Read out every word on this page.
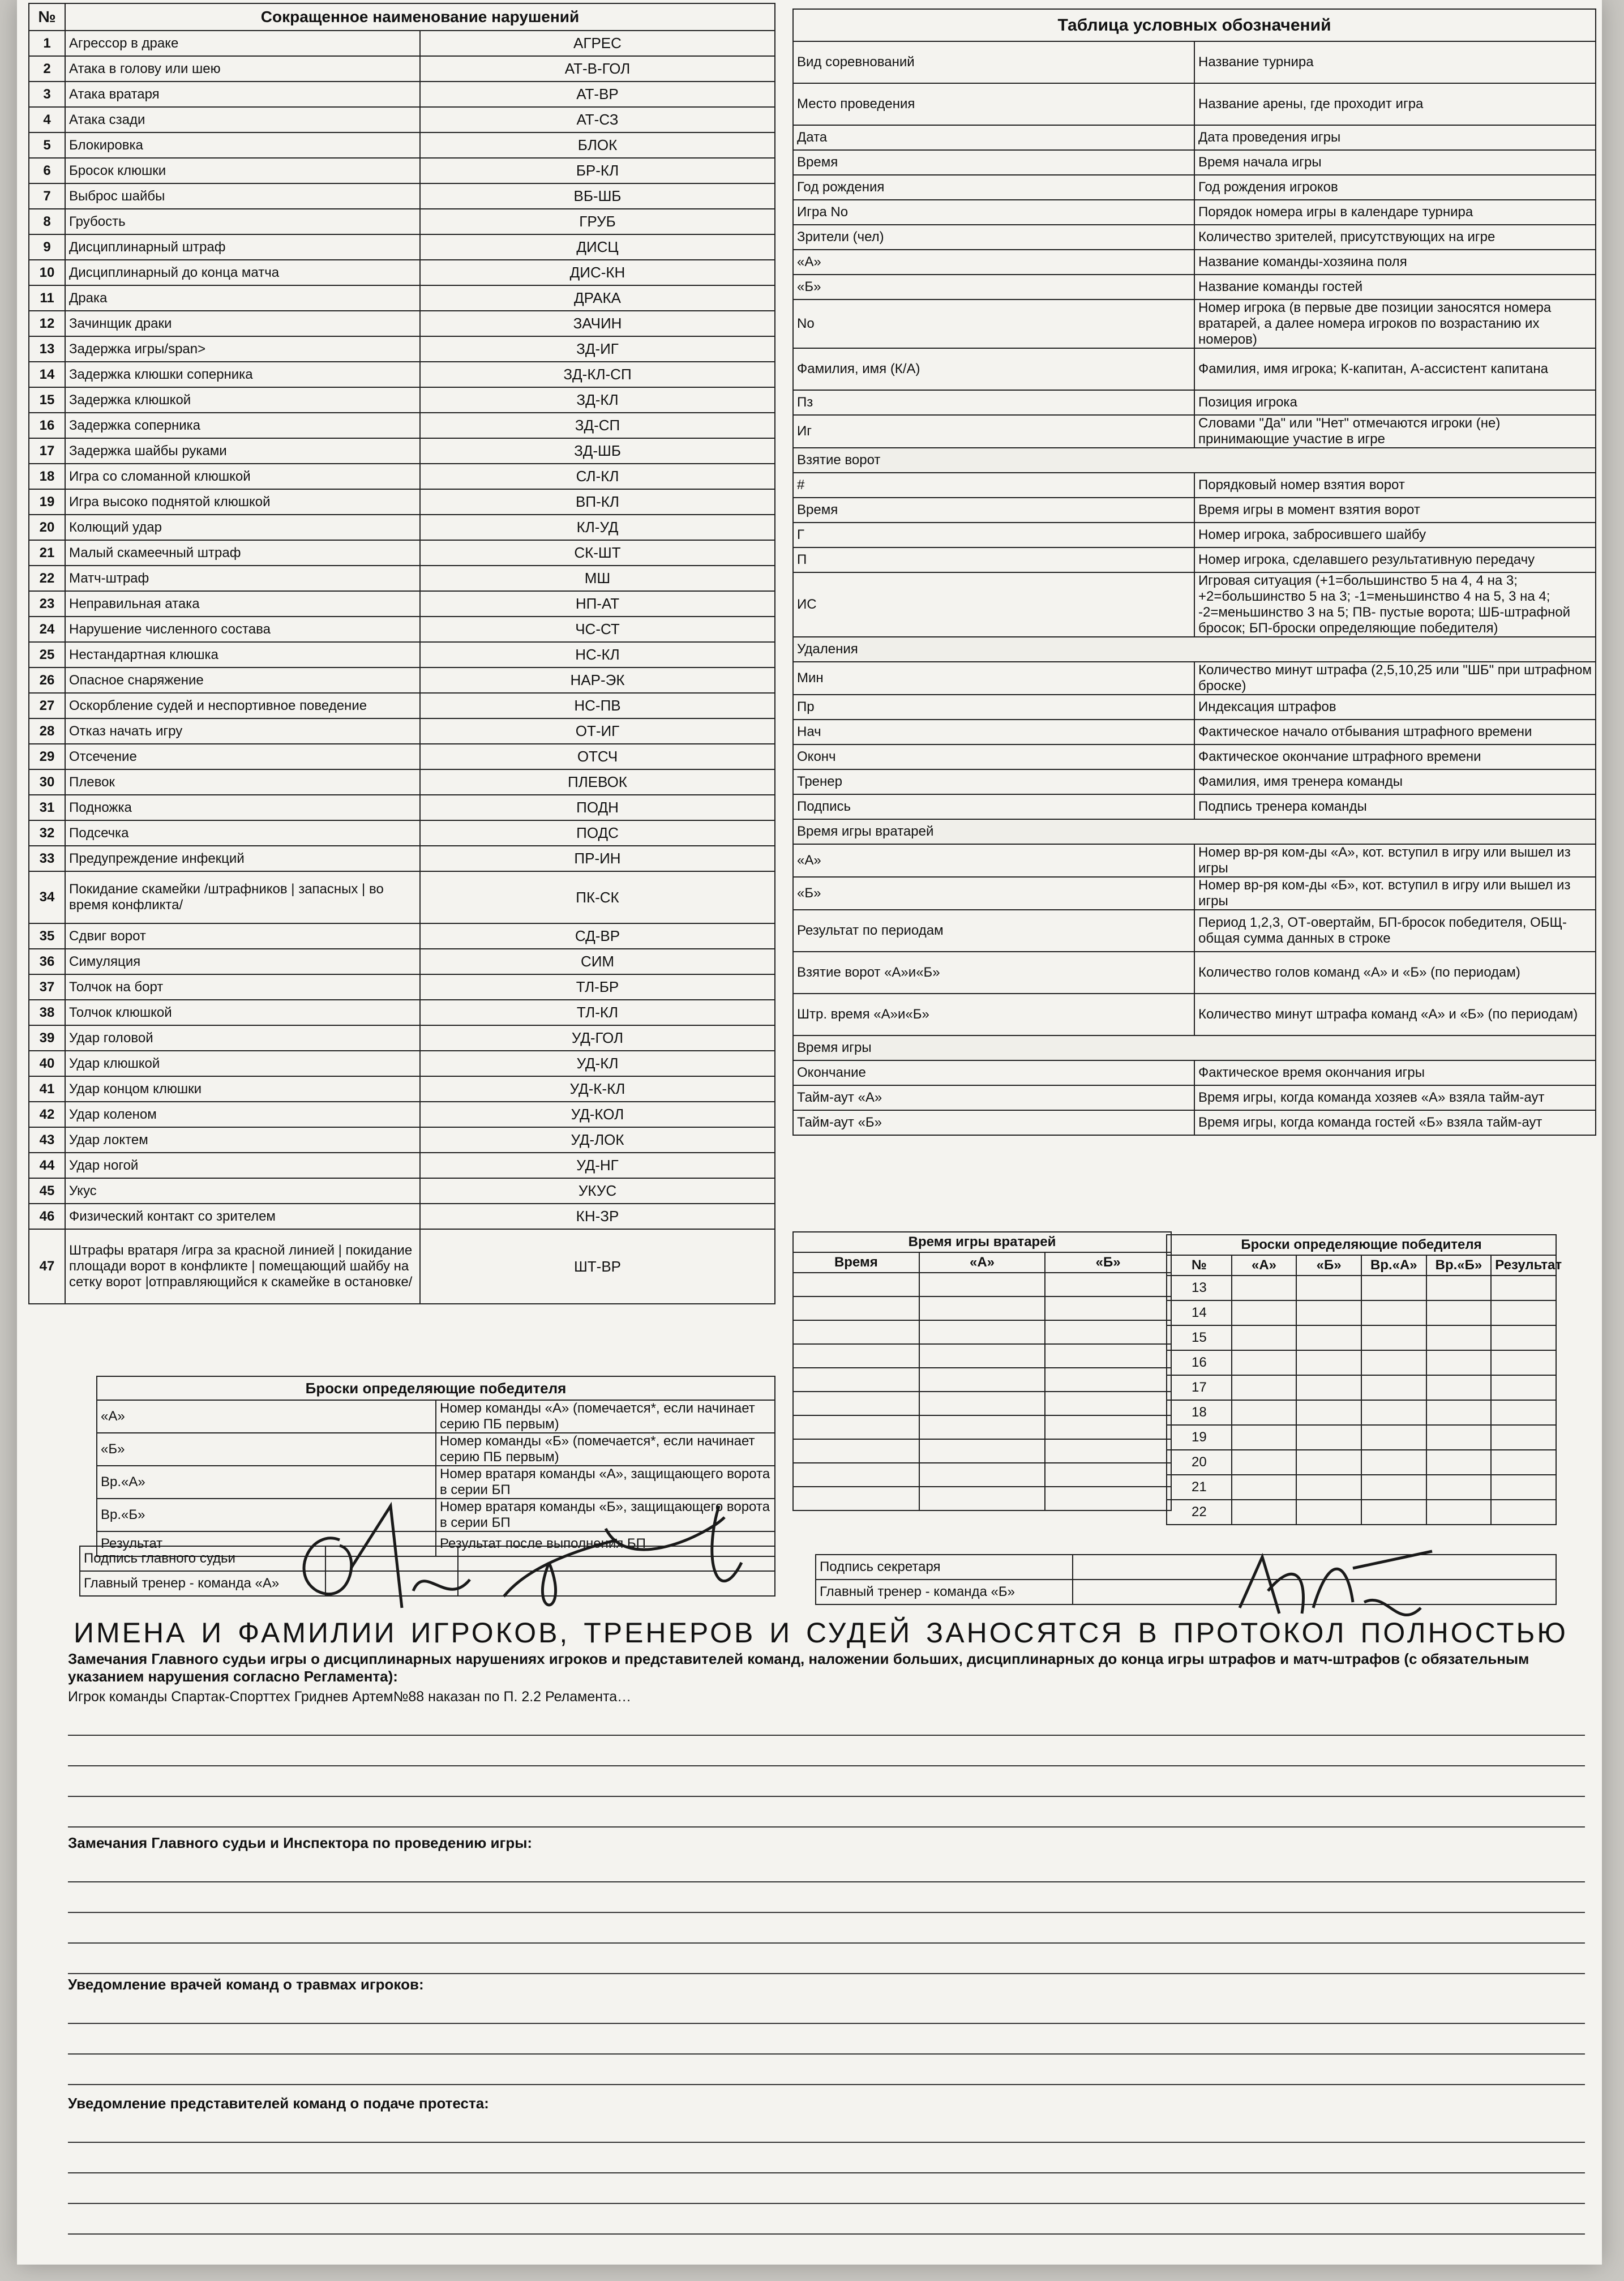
№	Сокращенное наименование нарушений	
1	Агрессор в драке	АГРЕС
2	Атака в голову или шею	АТ-В-ГОЛ
3	Атака вратаря	АТ-ВР
4	Атака сзади	АТ-СЗ
5	Блокировка	БЛОК
6	Бросок клюшки	БР-КЛ
7	Выброс шайбы	ВБ-ШБ
8	Грубость	ГРУБ
9	Дисциплинарный штраф	ДИСЦ
10	Дисциплинарный до конца матча	ДИС-КН
11	Драка	ДРАКА
12	Зачинщик драки	ЗАЧИН
13	Задержка игры/span>	ЗД-ИГ
14	Задержка клюшки соперника	ЗД-КЛ-СП
15	Задержка клюшкой	ЗД-КЛ
16	Задержка соперника	ЗД-СП
17	Задержка шайбы руками	ЗД-ШБ
18	Игра со сломанной клюшкой	СЛ-КЛ
19	Игра высоко поднятой клюшкой	ВП-КЛ
20	Колющий удар	КЛ-УД
21	Малый скамеечный штраф	СК-ШТ
22	Матч-штраф	МШ
23	Неправильная атака	НП-АТ
24	Нарушение численного состава	ЧС-СТ
25	Нестандартная клюшка	НС-КЛ
26	Опасное снаряжение	НАР-ЭК
27	Оскорбление судей и неспортивное поведение	НС-ПВ
28	Отказ начать игру	ОТ-ИГ
29	Отсечение	ОТСЧ
30	Плевок	ПЛЕВОК
31	Подножка	ПОДН
32	Подсечка	ПОДС
33	Предупреждение инфекций	ПР-ИН
34	Покидание скамейки /штрафников | запасных | во время конфликта/	ПК-СК
35	Сдвиг ворот	СД-ВР
36	Симуляция	СИМ
37	Толчок на борт	ТЛ-БР
38	Толчок клюшкой	ТЛ-КЛ
39	Удар головой	УД-ГОЛ
40	Удар клюшкой	УД-КЛ
41	Удар концом клюшки	УД-К-КЛ
42	Удар коленом	УД-КОЛ
43	Удар локтем	УД-ЛОК
44	Удар ногой	УД-НГ
45	Укус	УКУС
46	Физический контакт со зрителем	КН-ЗР
47	Штрафы вратаря /игра за красной линией | покидание площади ворот в конфликте | помещающий шайбу на сетку ворот |отправляющийся к скамейке в остановке/	ШТ-ВР
Таблица условных обозначений	
Вид соревнований	Название турнира
Место проведения	Название арены, где проходит игра
Дата	Дата проведения игры
Время	Время начала игры
Год рождения	Год рождения игроков
Игра No	Порядок номера игры в календаре турнира
Зрители (чел)	Количество зрителей, присутствующих на игре
«А»	Название команды-хозяина поля
«Б»	Название команды гостей
No	Номер игрока (в первые две позиции заносятся номера вратарей, а далее номера игроков по возрастанию их номеров)
Фамилия, имя (К/А)	Фамилия, имя игрока; К-капитан, А-ассистент капитана
Пз	Позиция игрока
Иг	Словами "Да" или "Нет" отмечаются игроки (не) принимающие участие в игре
Взятие ворот	
#	Порядковый номер взятия ворот
Время	Время игры в момент взятия ворот
Г	Номер игрока, забросившего шайбу
П	Номер игрока, сделавшего результативную передачу
ИС	Игровая ситуация (+1=большинство 5 на 4, 4 на 3; +2=большинство 5 на 3; -1=меньшинство 4 на 5, 3 на 4; -2=меньшинство 3 на 5; ПВ- пустые ворота; ШБ-штрафной бросок; БП-броски определяющие победителя)
Удаления	
Мин	Количество минут штрафа (2,5,10,25 или "ШБ" при штрафном броске)
Пр	Индексация штрафов
Нач	Фактическое начало отбывания штрафного времени
Оконч	Фактическое окончание штрафного времени
Тренер	Фамилия, имя тренера команды
Подпись	Подпись тренера команды
Время игры вратарей	
«А»	Номер вр-ря ком-ды «А», кот. вступил в игру или вышел из игры
«Б»	Номер вр-ря ком-ды «Б», кот. вступил в игру или вышел из игры
Результат по периодам	Период 1,2,3, ОТ-овертайм, БП-бросок победителя, ОБЩ-общая сумма данных в строке
Взятие ворот «А»и«Б»	Количество голов команд «А» и «Б» (по периодам)
Штр. время «А»и«Б»	Количество минут штрафа команд «А» и «Б» (по периодам)
Время игры	
Окончание	Фактическое время окончания игры
Тайм-аут «А»	Время игры, когда команда хозяев «А» взяла тайм-аут
Тайм-аут «Б»	Время игры, когда команда гостей «Б» взяла тайм-аут
Время игры вратарей		
Время	«А»	«Б»

Броски определяющие победителя					
№	«А»	«Б»	Вр.«А»	Вр.«Б»	Результат
13					
14					
15					
16					
17					
18					
19					
20					
21					
22					
Броски определяющие победителя	
«А»	Номер команды «А» (помечается*, если начинает серию ПБ первым)
«Б»	Номер команды «Б» (помечается*, если начинает серию ПБ первым)
Вр.«А»	Номер вратаря команды «А», защищающего ворота в серии БП
Вр.«Б»	Номер вратаря команды «Б», защищающего ворота в серии БП
Результат	Результат после выполнения БП
Подпись главного судьи		
Главный тренер - команда «А»		
Подпись секретаря	
Главный тренер - команда «Б»	
ИМЕНА И ФАМИЛИИ ИГРОКОВ, ТРЕНЕРОВ И СУДЕЙ ЗАНОСЯТСЯ В ПРОТОКОЛ ПОЛНОСТЬЮ
Замечания Главного судьи игры о дисциплинарных нарушениях игроков и представителей команд, наложении больших, дисциплинарных до конца игры штрафов и матч-штрафов (с обязательным указанием нарушения согласно Регламента):
Игрок команды Спартак-Спорттех Гриднев Артем№88 наказан по П. 2.2 Реламента…
Замечания Главного судьи и Инспектора по проведению игры:
Уведомление врачей команд о травмах игроков:
Уведомление представителей команд о подаче протеста:
